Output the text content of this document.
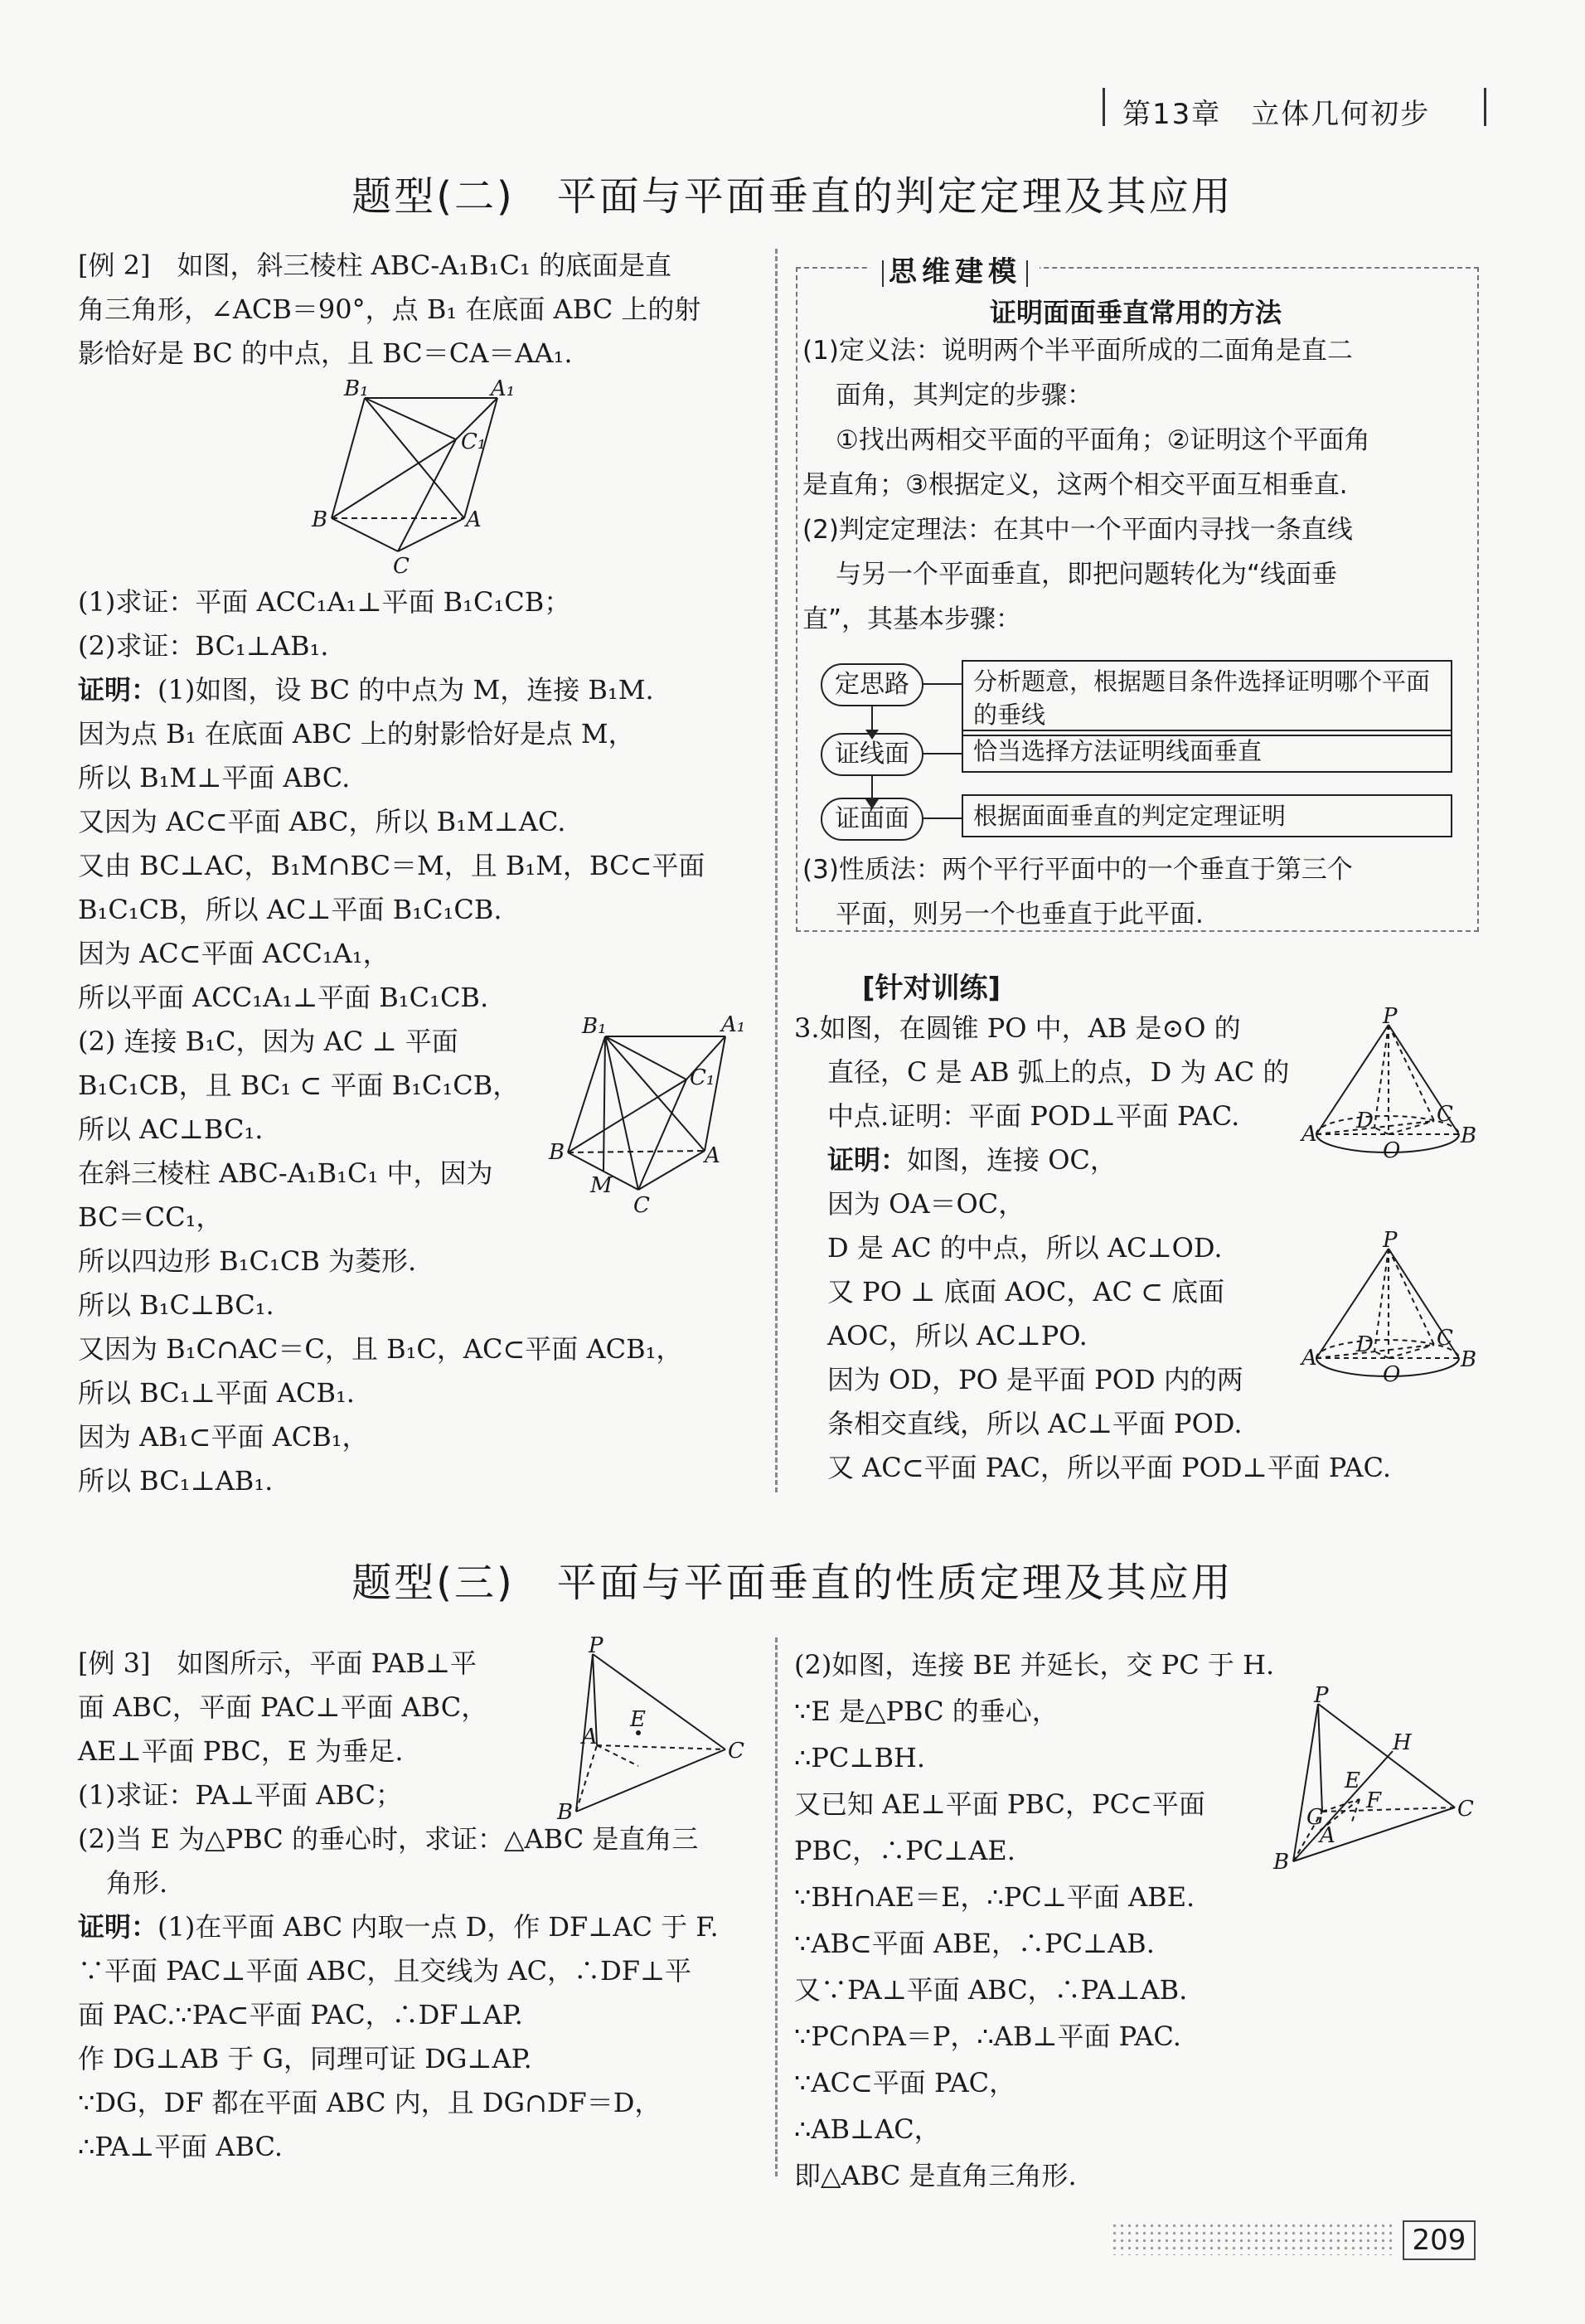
第13章　立体几何初步
题型(二)　平面与平面垂直的判定定理及其应用

[例 2]　如图，斜三棱柱 ABC-A₁B₁C₁ 的底面是直

角三角形，∠ACB＝90°，点 B₁ 在底面 ABC 上的射

影恰好是 BC 的中点，且 BC＝CA＝AA₁.

B₁	A₁
C₁
B	A
C

(1)求证：平面 ACC₁A₁⊥平面 B₁C₁CB；

(2)求证：BC₁⊥AB₁.

证明：(1)如图，设 BC 的中点为 M，连接 B₁M.

因为点 B₁ 在底面 ABC 上的射影恰好是点 M，

所以 B₁M⊥平面 ABC.

又因为 AC⊂平面 ABC，所以 B₁M⊥AC.

又由 BC⊥AC，B₁M∩BC＝M，且 B₁M，BC⊂平面

B₁C₁CB，所以 AC⊥平面 B₁C₁CB.

因为 AC⊂平面 ACC₁A₁，

所以平面 ACC₁A₁⊥平面 B₁C₁CB.

(2) 连接 B₁C，因为 AC ⊥ 平面

B₁C₁CB，且 BC₁ ⊂ 平面 B₁C₁CB，

所以 AC⊥BC₁.

在斜三棱柱 ABC-A₁B₁C₁ 中，因为

BC＝CC₁，

所以四边形 B₁C₁CB 为菱形.

所以 B₁C⊥BC₁.

又因为 B₁C∩AC＝C，且 B₁C，AC⊂平面 ACB₁，

所以 BC₁⊥平面 ACB₁.

因为 AB₁⊂平面 ACB₁，

所以 BC₁⊥AB₁.

B₁	A₁
C₁
B	A
M
C
思维建模
证明面面垂直常用的方法

(1)定义法：说明两个半平面所成的二面角是直二

面角，其判定的步骤：

①找出两相交平面的平面角；②证明这个平面角

是直角；③根据定义，这两个相交平面互相垂直.

(2)判定定理法：在其中一个平面内寻找一条直线

与另一个平面垂直，即把问题转化为“线面垂

直”，其基本步骤：

定思路	分析题意，根据题目条件选择证明哪个平面的垂线
证线面	恰当选择方法证明线面垂直
证面面	根据面面垂直的判定定理证明

(3)性质法：两个平行平面中的一个垂直于第三个

平面，则另一个也垂直于此平面.

[针对训练]

3.如图，在圆锥 PO 中，AB 是⊙O 的

直径，C 是 AB 弧上的点，D 为 AC 的

中点.证明：平面 POD⊥平面 PAC.

证明：如图，连接 OC，

因为 OA＝OC，

D 是 AC 的中点，所以 AC⊥OD.

又 PO ⊥ 底面 AOC，AC ⊂ 底面

AOC，所以 AC⊥PO.

因为 OD，PO 是平面 POD 内的两

条相交直线，所以 AC⊥平面 POD.

又 AC⊂平面 PAC，所以平面 POD⊥平面 PAC.

P
A	B
C
D
O
P
A	B
C
D
O
题型(三)　平面与平面垂直的性质定理及其应用

[例 3]　如图所示，平面 PAB⊥平

面 ABC，平面 PAC⊥平面 ABC，

AE⊥平面 PBC，E 为垂足.

(1)求证：PA⊥平面 ABC；

(2)当 E 为△PBC 的垂心时，求证：△ABC 是直角三

角形.

证明：(1)在平面 ABC 内取一点 D，作 DF⊥AC 于 F.

∵平面 PAC⊥平面 ABC，且交线为 AC，∴DF⊥平

面 PAC.∵PA⊂平面 PAC，∴DF⊥AP.

作 DG⊥AB 于 G，同理可证 DG⊥AP.

∵DG，DF 都在平面 ABC 内，且 DG∩DF＝D，

∴PA⊥平面 ABC.

P
A
E
C
B

(2)如图，连接 BE 并延长，交 PC 于 H.

∵E 是△PBC 的垂心，

∴PC⊥BH.

又已知 AE⊥平面 PBC，PC⊂平面

PBC，∴PC⊥AE.

∵BH∩AE＝E，∴PC⊥平面 ABE.

∵AB⊂平面 ABE，∴PC⊥AB.

又∵PA⊥平面 ABC，∴PA⊥AB.

∵PC∩PA＝P，∴AB⊥平面 PAC.

∵AC⊂平面 PAC，

∴AB⊥AC，

即△ABC 是直角三角形.

P
H
E
F
G
A
C
B
209
